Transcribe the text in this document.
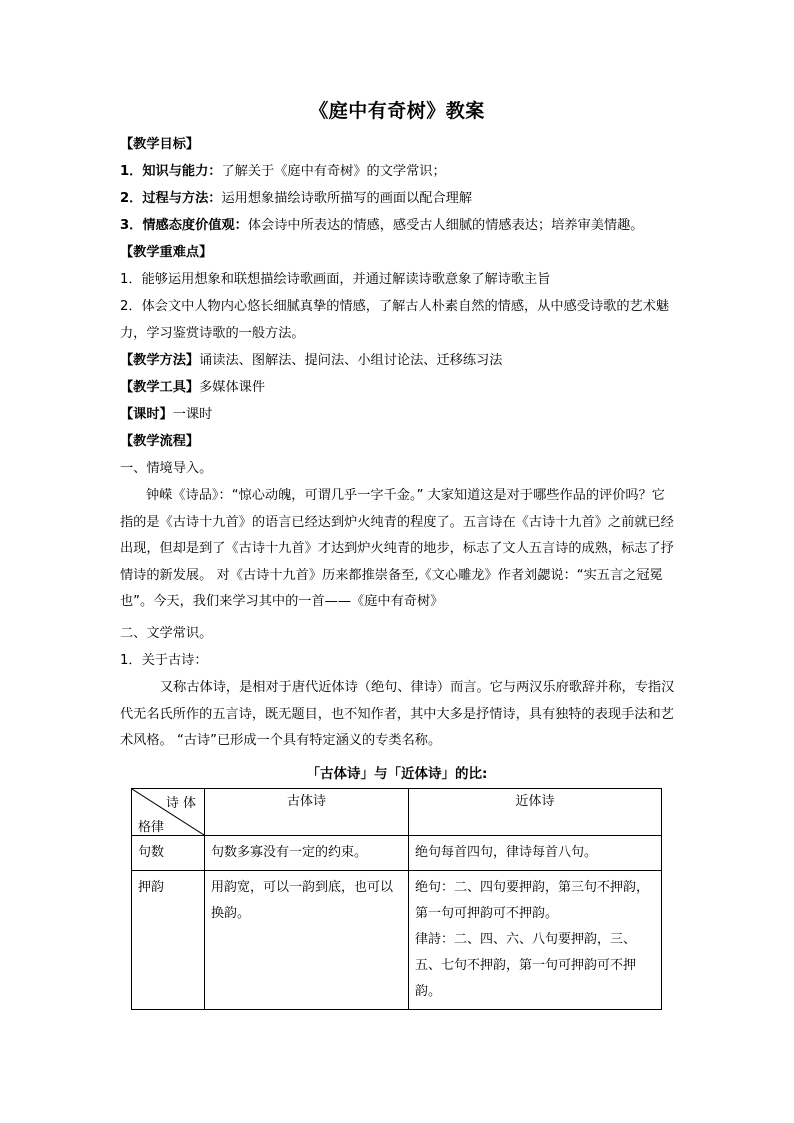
《庭中有奇树》教案
【教学目标】
1．知识与能力：了解关于《庭中有奇树》的文学常识；
2．过程与方法：运用想象描绘诗歌所描写的画面以配合理解
3．情感态度价值观：体会诗中所表达的情感，感受古人细腻的情感表达；培养审美情趣。
【教学重难点】
1．能够运用想象和联想描绘诗歌画面，并通过解读诗歌意象了解诗歌主旨
2．体会文中人物内心悠长细腻真挚的情感，了解古人朴素自然的情感，从中感受诗歌的艺术魅力，学习鉴赏诗歌的一般方法。
【教学方法】诵读法、图解法、提问法、小组讨论法、迁移练习法
【教学工具】多媒体课件
【课时】一课时
【教学流程】
一、情境导入。
钟嵘《诗品》：“惊心动魄，可谓几乎一字千金。” 大家知道这是对于哪些作品的评价吗？它指的是《古诗十九首》的语言已经达到炉火纯青的程度了。五言诗在《古诗十九首》之前就已经出现，但却是到了《古诗十九首》才达到炉火纯青的地步，标志了文人五言诗的成熟，标志了抒情诗的新发展。 对《古诗十九首》历来都推崇备至,《文心雕龙》作者刘勰说：“实五言之冠冕也”。今天，我们来学习其中的一首——《庭中有奇树》
二、文学常识。
1．关于古诗：
又称古体诗，是相对于唐代近体诗（绝句、律诗）而言。它与两汉乐府歌辞并称，专指汉代无名氏所作的五言诗，既无题目，也不知作者，其中大多是抒情诗，具有独特的表现手法和艺术风格。 “古诗”已形成一个具有特定涵义的专类名称。
「古体诗」与「近体诗」的比:
诗 体
格律	古体诗	近体诗
句数	句数多寡没有一定的约束。	绝句每首四句，律诗每首八句。
押韵	用韵宽，可以一韵到底，也可以换韵。	绝句：二、四句要押韵，第三句不押韵，第一句可押韵可不押韵。
律詩：二、四、六、八句要押韵，三、五、七句不押韵，第一句可押韵可不押韵。
